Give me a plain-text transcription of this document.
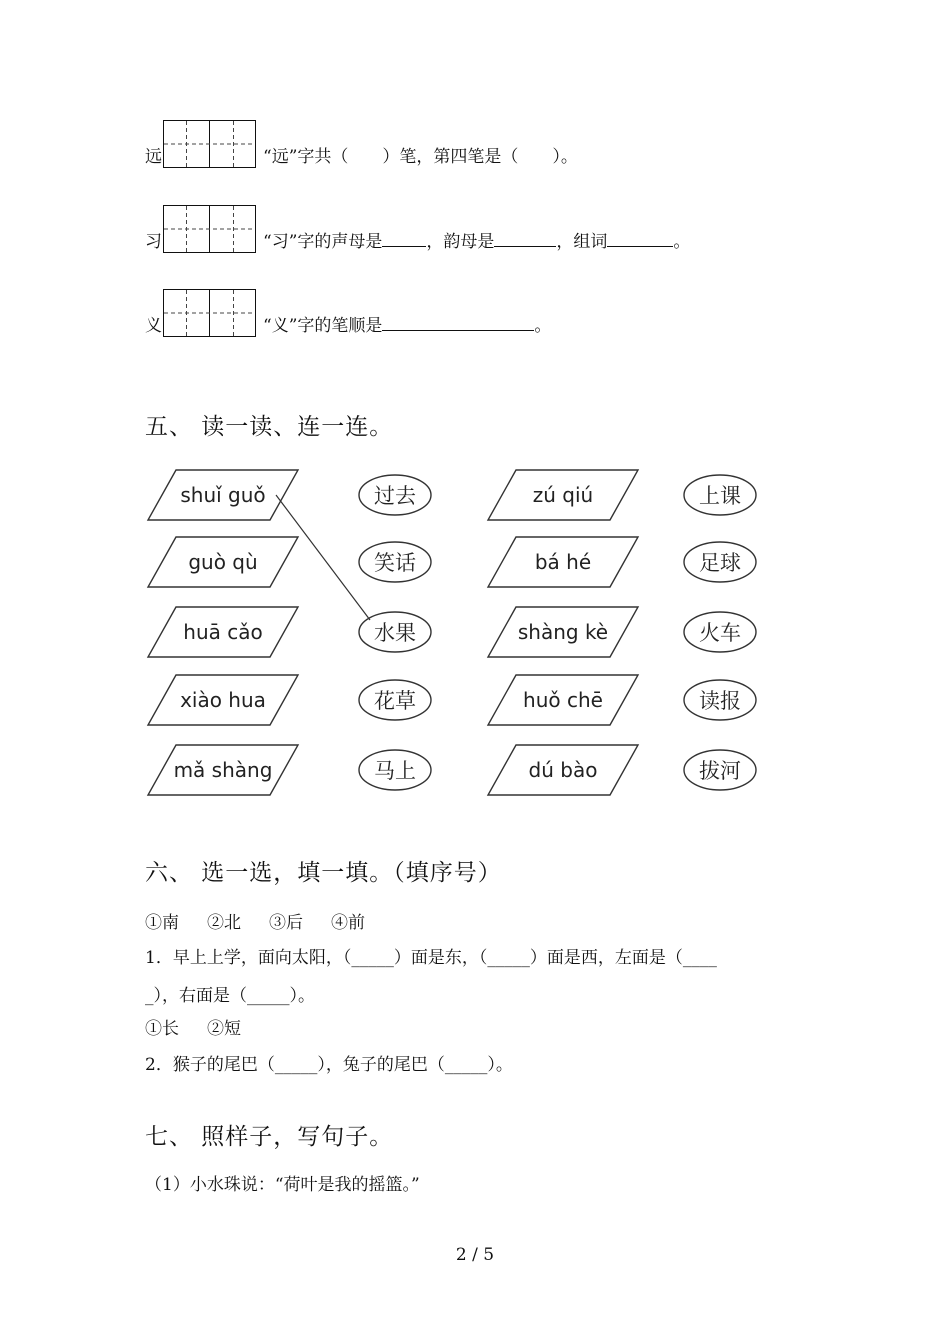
远	“远”字共（　　）笔，第四笔是（　　）。
习	“习”字的声母是	，韵母是	，组词	。
义	“义”字的笔顺是	。
五、 读一读、连一连。
shuǐ guǒ	过去	zú qiú	上课
guò qù	笑话	bá hé	足球
huā cǎo	水果	shàng kè	火车
xiào hua	花草	huǒ chē	读报
mǎ shàng	马上	dú bào	拔河
六、 选一选，填一填。（填序号）
①南 ②北 ③后 ④前
1．早上上学，面向太阳，（_____）面是东，（_____）面是西，左面是（____
_），右面是（_____）。
①长 ②短
2．猴子的尾巴（_____），兔子的尾巴（_____）。
七、 照样子，写句子。
（1）小水珠说：“荷叶是我的摇篮。”
2 / 5
